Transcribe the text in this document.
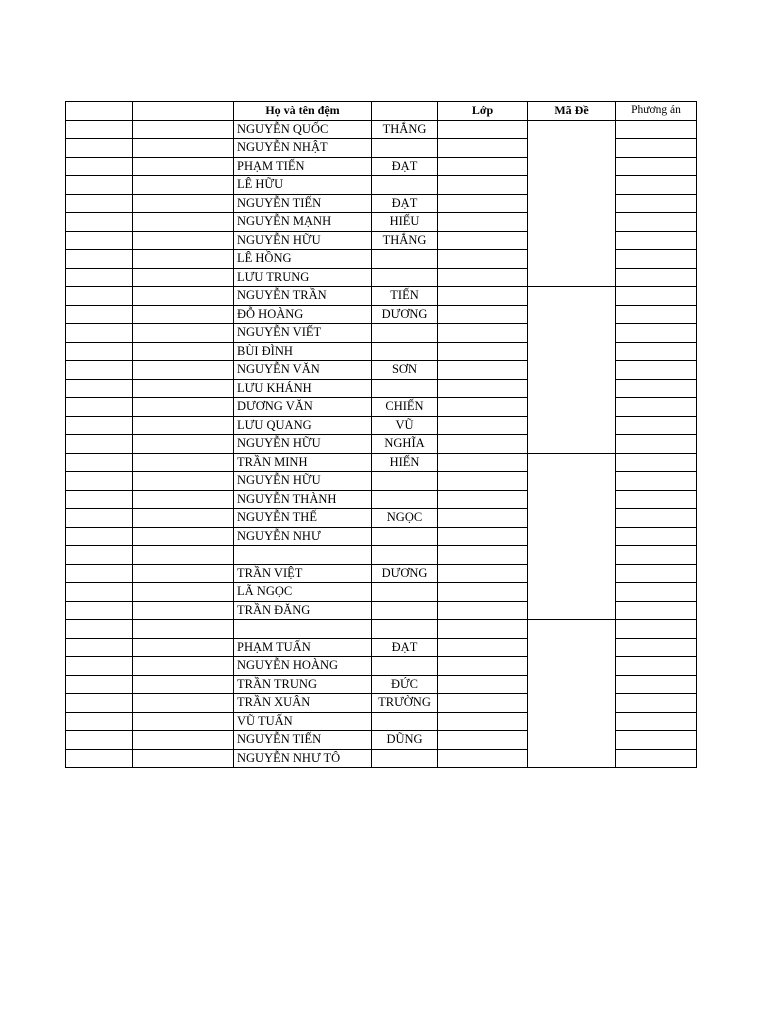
		Họ và tên đệm		Lớp	Mã Đề	Phương án
		NGUYỄN QUỐC	THẮNG			
		NGUYỄN NHẬT				
		PHẠM TIẾN	ĐẠT			
		LÊ HỮU				
		NGUYỄN TIẾN	ĐẠT			
		NGUYỄN MẠNH	HIẾU			
		NGUYỄN HỮU	THẮNG			
		LÊ HỒNG				
		LƯU TRUNG				
		NGUYỄN TRẦN	TIẾN			
		ĐỖ HOÀNG	DƯƠNG			
		NGUYỄN VIẾT				
		BÙI ĐÌNH				
		NGUYỄN VĂN	SƠN			
		LƯU KHÁNH				
		DƯƠNG VĂN	CHIẾN			
		LƯU QUANG	VŨ			
		NGUYỄN HỮU	NGHĨA			
		TRẦN MINH	HIẾN			
		NGUYỄN HỮU				
		NGUYỄN THÀNH				
		NGUYỄN THẾ	NGỌC			
		NGUYỄN NHƯ				

		TRẦN VIỆT	DƯƠNG			
		LÃ NGỌC				
		TRẦN ĐĂNG				

		PHẠM TUẤN	ĐẠT			
		NGUYỄN HOÀNG				
		TRẦN TRUNG	ĐỨC			
		TRẦN XUÂN	TRƯỜNG			
		VŨ TUẤN				
		NGUYỄN TIẾN	DŨNG			
		NGUYỄN NHƯ TÔ				
